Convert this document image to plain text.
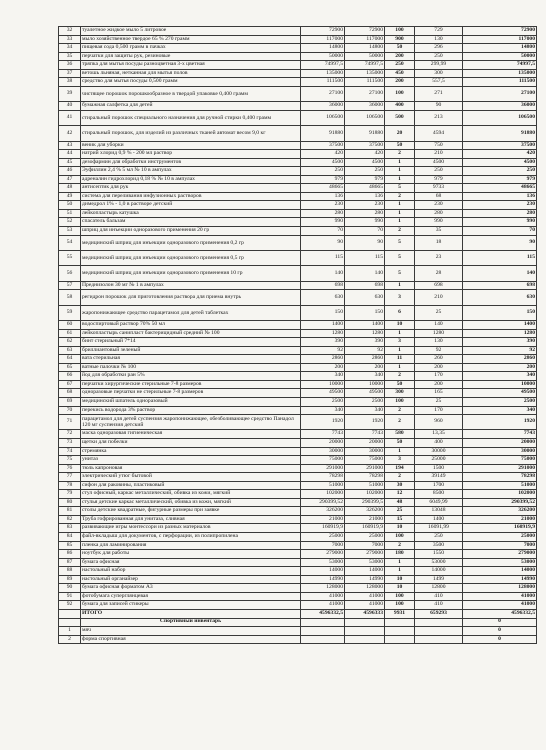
32	туалетное жидкое мыло 5 литровое	72900	72900	100	729	72900
33	мыло хозяйственное твердое 65 % 270 грамм	117000	117000	900	130	117000
34	пищевая сода 0,500 грамм в пачках	14800	14800	50	296	14800
35	перчатки для защиты рук, резиновые	50000	50000	200	250	50000
36	тряпка для мытья посуды разноцветная 3-х цветная	74997,5	74997,5	250	299,99	74997,5
37	ветошь льняная, нетканная для мытья полов	135000	135000	450	300	135000
38	средство для мытья посуды 0,500 грамм	111500	111500	200	557,5	111500
39	чистящее порошок порошкообразное в твердой упаковке 0,400 грамм	27100	27100	100	271	27100
40	бумажная салфетка для детей	36000	36000	400	90	36000
41	стиральный порошок специального назначения для ручной стирки 0,400 грамм	106500	106500	500	213	106500
42	стиральный порошок, для изделий из различных тканей автомат весом 9,0 кг	91880	91880	20	4594	91880
43	веник для уборки	37500	37500	50	750	37500
44	натрий хлорид 0,9 % - 200 мл раствор	420	420	2	210	420
45	дезофармин для обработки инструментов	4500	4500	1	4500	4500
46	Эуфиллин 2,4 % 5 мл № 10 в ампулах	250	250	1	250	250
47	адреналин гидрохлорид 0,18 % № 10 в ампулах	979	979	1	979	979
48	антисептик для рук	48665	48665	5	9733	48665
49	система для переливания инфузионных растворов	136	136	2	68	136
50	димедрол 1% - 1,0 в растворе детский	230	230	1	230	230
51	лейкопластырь катушка	280	280	1	280	280
52	спасатель бальзам	990	990	1	990	990
53	шприц для инъекции одноразового применения 20 гр	70	70	2	35	70
54	медицинский шприц для инъекции одноразового применения 0,2 гр	90	90	5	18	90
55	медицинский шприц для инъекции одноразового применения 0,5 гр	115	115	5	23	115
56	медицинский шприц для инъекции одноразового применения 10 гр	140	140	5	28	140
57	Преднизолон 30 мг № 1 в ампулах	698	698	1	698	698
58	регидрон порошок для приготовления раствора для приема внутрь	630	630	3	210	630
59	жаропонижающее средство парацетамол для детей таблетках	150	150	6	25	150
60	водоспиртовый раствор 70% 50 мл	1400	1400	10	140	1400
61	лейкопластырь санипласт бактерицидный средний № 100	1280	1280	1	1280	1280
62	бинт стерильный 7*14	390	390	3	130	390
63	бриллиантовый зеленый	92	92	1	92	92
64	вата стерильная	2860	2860	11	260	2860
65	ватные палочки № 100	200	200	1	200	200
66	йод для обработки ран 5%	340	340	2	170	340
67	перчатки хирургические стерильные 7-8 размеров	10000	10000	50	200	10000
68	одноразовые перчатки не стерильные 7-8 размеров	49500	49500	300	165	49500
69	медицинский шпатель одноразовый	2500	2500	100	25	2500
70	перекись водорода 3% раствор	340	340	2	170	340
71	парацетамол для детей суспензия жаропонижающее, обезболивающее средство Панадол 120 мг суспензия детский	1920	1920	2	960	1920
72	маска одноразовая гигиеническая	7743	7743	580	13,35	7743
73	щетки для побелки	20000	20000	50	400	20000
74	стремянка	30000	30000	1	30000	30000
75	унитаз	75000	75000	3	25000	75000
76	тюль капроновая	291000	291000	194	1500	291000
77	электрический утюг бытовой	78298	78298	2	39149	78298
78	сифон для раковины, пластиковый	51000	51000	30	1700	51000
79	стул офисный, каркас металлический, обивка из кожи, мягкий	102000	102000	12	8500	102000
80	стулья детские каркас металлический, обивка из кожи, мягкий	290399,52	290399,5	48	6049,99	290399,52
81	столы детские квадратные, фигурные размеры при заявке	326200	326200	25	13048	326200
82	Труба гофрированная для унитаза, сливная	21000	21000	15	1400	21000
83	развивающие игры монтессори из разных материалов	160919,9	160919,9	10	16091,99	160919,9
84	файл-вкладыш для документов, с перфорации, из полипропилена	25000	25000	100	250	25000
85	пленка для ламинирования	7000	7000	2	3500	7000
86	ноутбук для работы	279000	279000	180	1550	279000
87	бумага офисная	53000	53000	1	53000	53000
88	настольный набор	14000	14000	1	14000	14000
89	настольный органайзер	14990	14990	10	1499	14990
90	бумага офисная форматом А3	128000	128000	10	12800	128000
91	фотобумага суперглянцевая	41000	41000	100	410	41000
92	бумага для записей стикеры	41000	41000	100	410	41000
	ИТОГО	4596332,5	4596333	9931	659293	4596332,5
	Спортивный инвентарь					0
1	мяч					0
2	форма спортивная					0
